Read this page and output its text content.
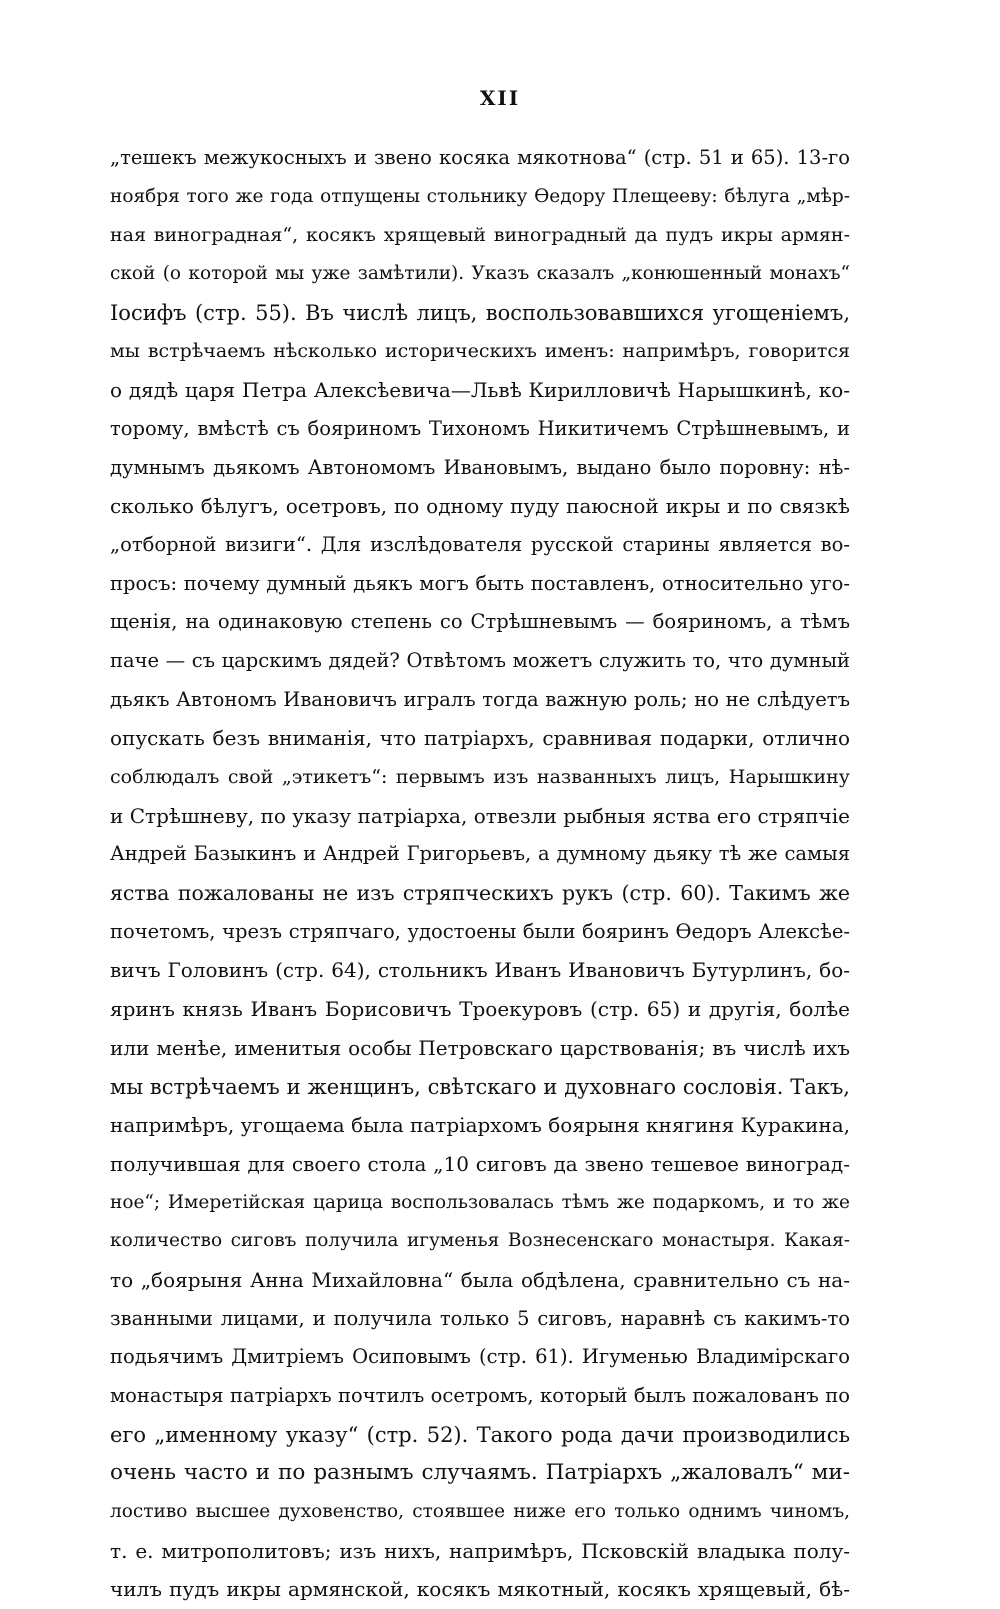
XII
„тешекъ межукосныхъ и звено косяка мякотнова“ (стр. 51 и 65). 13-го
ноября того же года отпущены стольнику Өедору Плещееву: бѣлуга „мѣр-
ная виноградная“, косякъ хрящевый виноградный да пудъ икры армян-
ской (о которой мы уже замѣтили). Указъ сказалъ „конюшенный монахъ“
Іосифъ (стр. 55). Въ числѣ лицъ, воспользовавшихся угощеніемъ,
мы встрѣчаемъ нѣсколько историческихъ именъ: напримѣръ, говорится
о дядѣ царя Петра Алексѣевича—Львѣ Кирилловичѣ Нарышкинѣ, ко-
торому, вмѣстѣ съ бояриномъ Тихономъ Никитичемъ Стрѣшневымъ, и
думнымъ дьякомъ Автономомъ Ивановымъ, выдано было поровну: нѣ-
сколько бѣлугъ, осетровъ, по одному пуду паюсной икры и по связкѣ
„отборной визиги“. Для изслѣдователя русской старины является во-
просъ: почему думный дьякъ могъ быть поставленъ, относительно уго-
щенія, на одинаковую степень со Стрѣшневымъ — бояриномъ, а тѣмъ
паче — съ царскимъ дядей? Отвѣтомъ можетъ служить то, что думный
дьякъ Автономъ Ивановичъ игралъ тогда важную роль; но не слѣдуетъ
опускать безъ вниманія, что патріархъ, сравнивая подарки, отлично
соблюдалъ свой „этикетъ“: первымъ изъ названныхъ лицъ, Нарышкину
и Стрѣшневу, по указу патріарха, отвезли рыбныя яства его стряпчіе
Андрей Базыкинъ и Андрей Григорьевъ, а думному дьяку тѣ же самыя
яства пожалованы не изъ стряпческихъ рукъ (стр. 60). Такимъ же
почетомъ, чрезъ стряпчаго, удостоены были бояринъ Өедоръ Алексѣе-
вичъ Головинъ (стр. 64), стольникъ Иванъ Ивановичъ Бутурлинъ, бо-
яринъ князь Иванъ Борисовичъ Троекуровъ (стр. 65) и другія, болѣе
или менѣе, именитыя особы Петровскаго царствованія; въ числѣ ихъ
мы встрѣчаемъ и женщинъ, свѣтскаго и духовнаго сословія. Такъ,
напримѣръ, угощаема была патріархомъ боярыня княгиня Куракина,
получившая для своего стола „10 сиговъ да звено тешевое виноград-
ное“; Имеретійская царица воспользовалась тѣмъ же подаркомъ, и то же
количество сиговъ получила игуменья Вознесенскаго монастыря. Какая-
то „боярыня Анна Михайловна“ была обдѣлена, сравнительно съ на-
званными лицами, и получила только 5 сиговъ, наравнѣ съ какимъ-то
подьячимъ Дмитріемъ Осиповымъ (стр. 61). Игуменью Владимірскаго
монастыря патріархъ почтилъ осетромъ, который былъ пожалованъ по
его „именному указу“ (стр. 52). Такого рода дачи производились
очень часто и по разнымъ случаямъ. Патріархъ „жаловалъ“ ми-
лостиво высшее духовенство, стоявшее ниже его только однимъ чиномъ,
т. е. митрополитовъ; изъ нихъ, напримѣръ, Псковскій владыка полу-
чилъ пудъ икры армянской, косякъ мякотный, косякъ хрящевый, бѣ-
